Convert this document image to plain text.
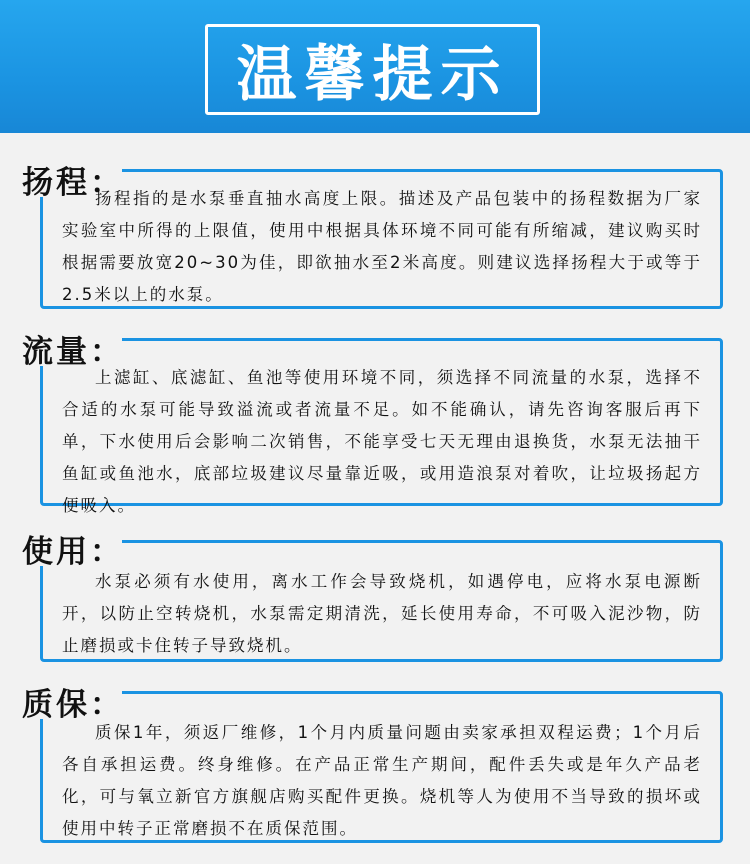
温馨提示
扬程：

扬程指的是水泵垂直抽水高度上限。描述及产品包装中的扬程数据为厂家实验室中所得的上限值，使用中根据具体环境不同可能有所缩减，建议购买时根据需要放宽20~30为佳，即欲抽水至2米高度。则建议选择扬程大于或等于2.5米以上的水泵。

流量：

上滤缸、底滤缸、鱼池等使用环境不同，须选择不同流量的水泵，选择不合适的水泵可能导致溢流或者流量不足。如不能确认，请先咨询客服后再下单，下水使用后会影响二次销售，不能享受七天无理由退换货，水泵无法抽干鱼缸或鱼池水，底部垃圾建议尽量靠近吸，或用造浪泵对着吹，让垃圾扬起方便吸入。

使用：

水泵必须有水使用，离水工作会导致烧机，如遇停电，应将水泵电源断开，以防止空转烧机，水泵需定期清洗，延长使用寿命，不可吸入泥沙物，防止磨损或卡住转子导致烧机。

质保：

质保1年，须返厂维修，1个月内质量问题由卖家承担双程运费；1个月后各自承担运费。终身维修。在产品正常生产期间，配件丢失或是年久产品老化，可与氧立新官方旗舰店购买配件更换。烧机等人为使用不当导致的损坏或使用中转子正常磨损不在质保范围。
